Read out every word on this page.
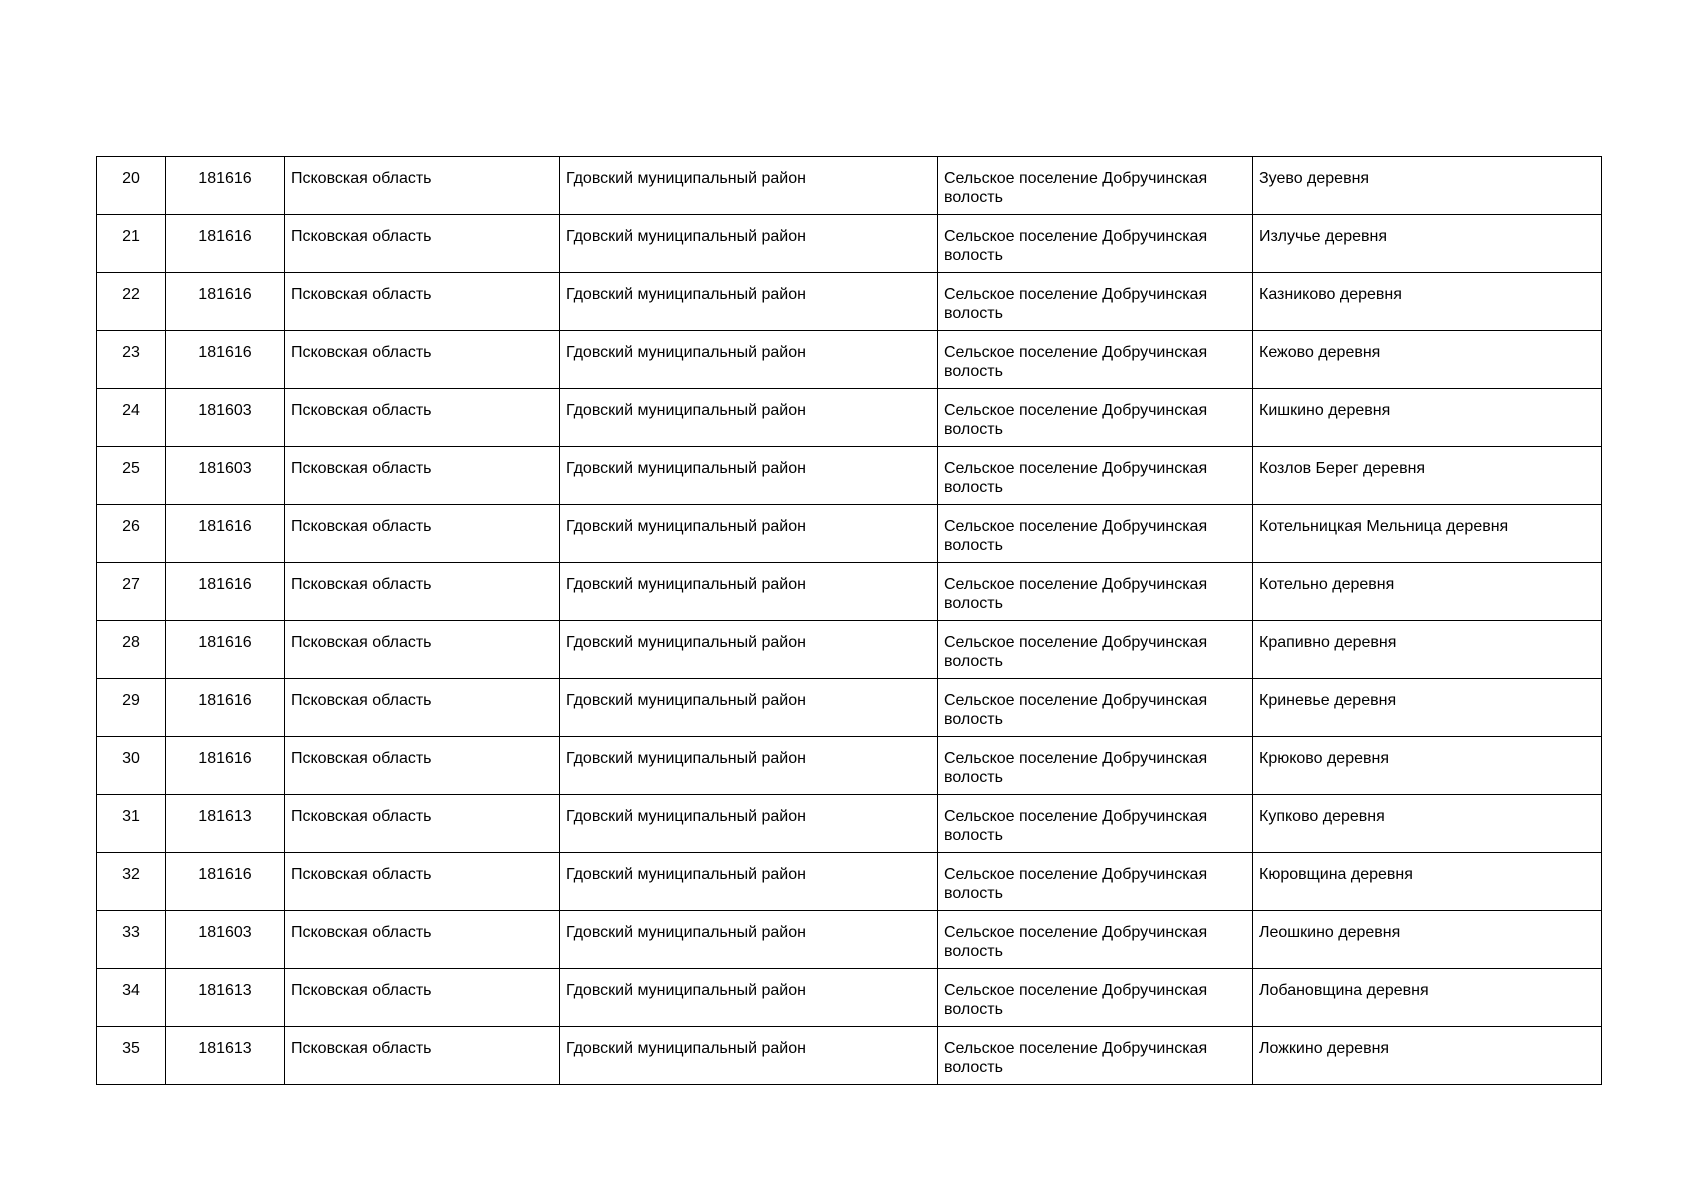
20	181616	Псковская область	Гдовский муниципальный район	Сельское поселение Добручинская волость	Зуево деревня
21	181616	Псковская область	Гдовский муниципальный район	Сельское поселение Добручинская волость	Излучье деревня
22	181616	Псковская область	Гдовский муниципальный район	Сельское поселение Добручинская волость	Казниково деревня
23	181616	Псковская область	Гдовский муниципальный район	Сельское поселение Добручинская волость	Кежово деревня
24	181603	Псковская область	Гдовский муниципальный район	Сельское поселение Добручинская волость	Кишкино деревня
25	181603	Псковская область	Гдовский муниципальный район	Сельское поселение Добручинская волость	Козлов Берег деревня
26	181616	Псковская область	Гдовский муниципальный район	Сельское поселение Добручинская волость	Котельницкая Мельница деревня
27	181616	Псковская область	Гдовский муниципальный район	Сельское поселение Добручинская волость	Котельно деревня
28	181616	Псковская область	Гдовский муниципальный район	Сельское поселение Добручинская волость	Крапивно деревня
29	181616	Псковская область	Гдовский муниципальный район	Сельское поселение Добручинская волость	Криневье деревня
30	181616	Псковская область	Гдовский муниципальный район	Сельское поселение Добручинская волость	Крюково деревня
31	181613	Псковская область	Гдовский муниципальный район	Сельское поселение Добручинская волость	Купково деревня
32	181616	Псковская область	Гдовский муниципальный район	Сельское поселение Добручинская волость	Кюровщина деревня
33	181603	Псковская область	Гдовский муниципальный район	Сельское поселение Добручинская волость	Леошкино деревня
34	181613	Псковская область	Гдовский муниципальный район	Сельское поселение Добручинская волость	Лобановщина деревня
35	181613	Псковская область	Гдовский муниципальный район	Сельское поселение Добручинская волость	Ложкино деревня
